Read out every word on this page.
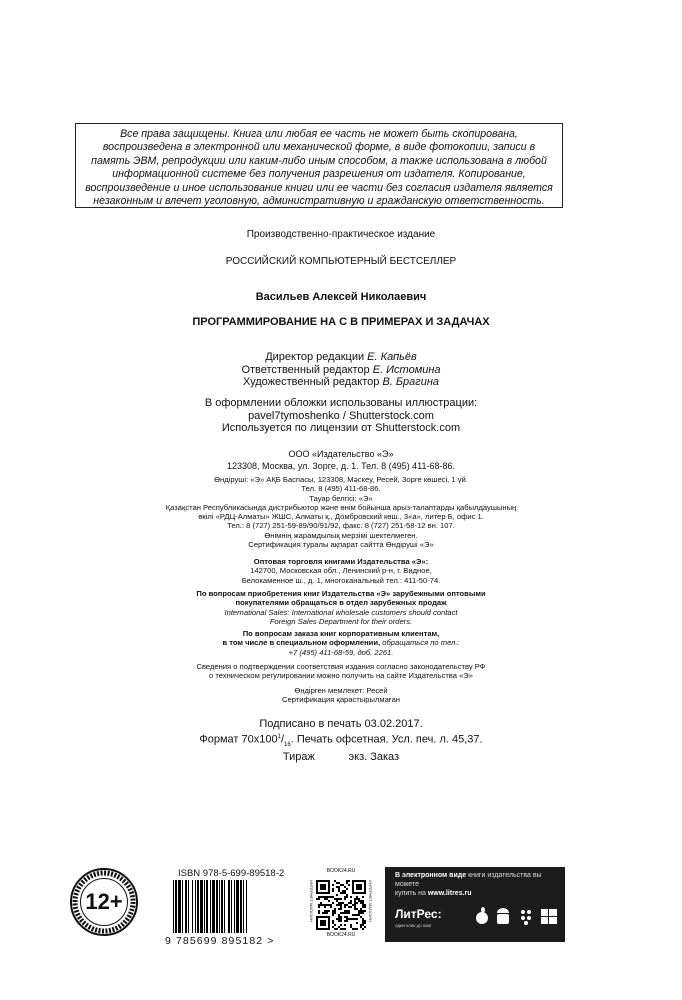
Все права защищены. Книга или любая ее часть не может быть скопирована, воспроизведена в электронной или механической форме, в виде фотокопии, записи в память ЭВМ, репродукции или каким-либо иным способом, а также использована в любой информационной системе без получения разрешения от издателя. Копирование, воспроизведение и иное использование книги или ее части без согласия издателя является незаконным и влечет уголовную, административную и гражданскую ответственность.
Производственно-практическое издание
РОССИЙСКИЙ КОМПЬЮТЕРНЫЙ БЕСТСЕЛЛЕР
Васильев Алексей Николаевич
ПРОГРАММИРОВАНИЕ НА С В ПРИМЕРАХ И ЗАДАЧАХ
Директор редакции Е. Капьёв
Ответственный редактор Е. Истомина
Художественный редактор В. Брагина
В оформлении обложки использованы иллюстрации:
pavel7tymoshenko / Shutterstock.com
Используется по лицензии от Shutterstock.com
ООО «Издательство «Э»
123308, Москва, ул. Зорге, д. 1. Тел. 8 (495) 411-68-86.
Өндіруші: «Э» АҚБ Баспасы, 123308, Мәскеу, Ресей, Зорге көшесі, 1 үй.
Тел. 8 (495) 411-68-86.
Тауар белгісі: «Э»
Қазақстан Республикасында дистрибьютор және өнім бойынша арыз-талаптарды қабылдаушының
өкілі «РДЦ-Алматы» ЖШС, Алматы қ., Домбровский көш., 3«а», литер Б, офис 1.
Тел.: 8 (727) 251-59-89/90/91/92, факс: 8 (727) 251-58-12 вн. 107.
Өнімнің жарамдылық мерзімі шектелмеген.
Сертификация туралы ақпарат сайтта Өндіруші «Э»
Оптовая торговля книгами Издательства «Э»:
142700, Московская обл., Ленинский р-н, г. Видное,
Белокаменное ш., д. 1, многоканальный тел.: 411-50-74.
По вопросам приобретения книг Издательства «Э» зарубежными оптовыми
покупателями обращаться в отдел зарубежных продаж
International Sales: International wholesale customers should contact
Foreign Sales Department for their orders.
По вопросам заказа книг корпоративным клиентам,
в том числе в специальном оформлении, обращаться по тел.:
+7 (495) 411-68-59, доб. 2261.
Сведения о подтверждении соответствия издания согласно законодательству РФ
о техническом регулировании можно получить на сайте Издательства «Э»
Өндірген мемлекет: Ресей
Сертификация қарастырылмаған
Подписано в печать 03.02.2017.
Формат $70x100^1/_{16}$. Печать офсетная. Усл. печ. л. 45,37.
Тираж	экз. Заказ
12+
ISBN 978-5-699-89518-2
9 785699 895182 >
BOOK24.RU
BOOK24.RU
ИНТЕРНЕТ-МАГАЗИН	ИНТЕРНЕТ-МАГАЗИН
В электронном виде книги издательства вы можете
купить на www.litres.ru
ЛитРес:
один клик до книг
